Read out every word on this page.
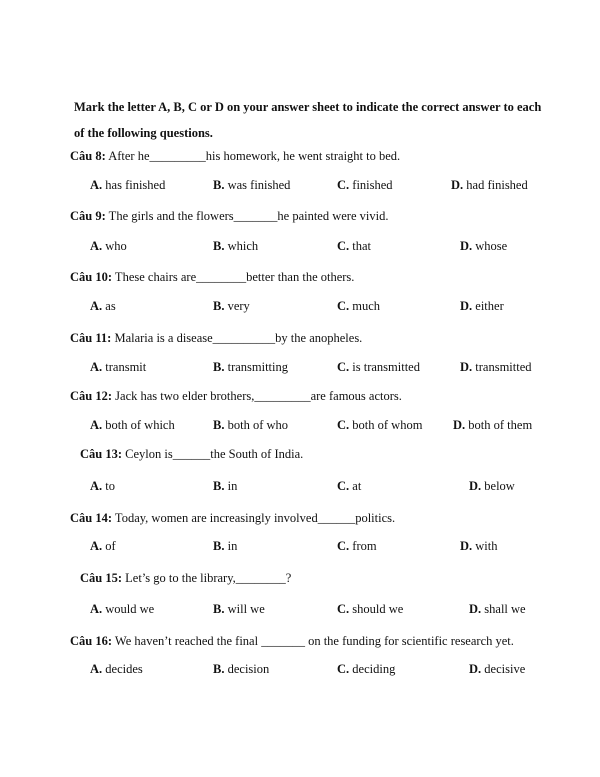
Mark the letter A, B, C or D on your answer sheet to indicate the correct answer to each of the following questions.
Câu 8: After he_________his homework, he went straight to bed.
A. has finished	B. was finished	C. finished	D. had finished
Câu 9: The girls and the flowers_______he painted were vivid.
A. who	B. which	C. that	D. whose
Câu 10: These chairs are________better than the others.
A. as	B. very	C. much	D. either
Câu 11: Malaria is a disease__________by the anopheles.
A. transmit	B. transmitting	C. is transmitted	D. transmitted
Câu 12: Jack has two elder brothers,_________are famous actors.
A. both of which	B. both of who	C. both of whom D. both of them
Câu 13: Ceylon is______the South of India.
A. to	B. in	C. at	D. below
Câu 14: Today, women are increasingly involved______politics.
A. of	B. in	C. from	D. with
Câu 15: Let’s go to the library,________?
A. would we	B. will we	C. should we	D. shall we
Câu 16: We haven’t reached the final _______ on the funding for scientific research yet.
A. decides	B. decision	C. deciding	D. decisive
